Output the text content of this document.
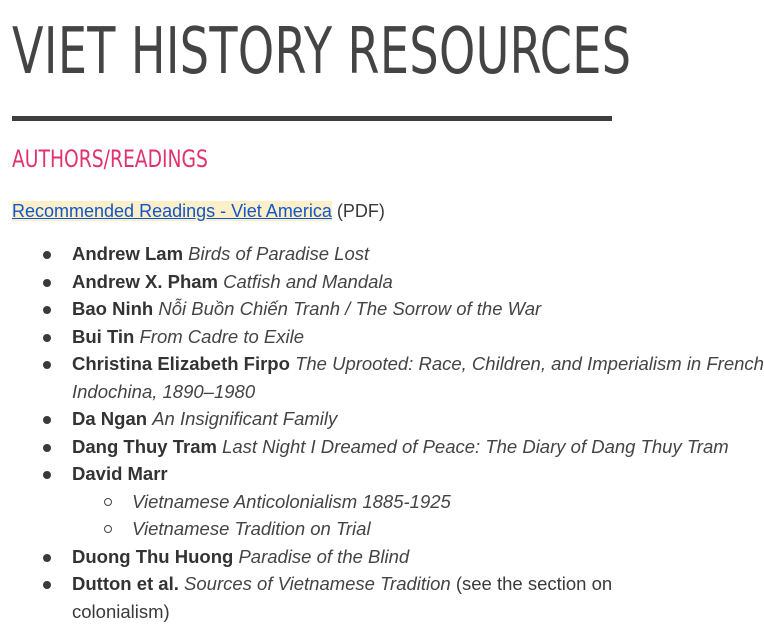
VIET HISTORY RESOURCES
AUTHORS/READINGS
Recommended Readings - Viet America (PDF)
Andrew Lam Birds of Paradise Lost
Andrew X. Pham Catfish and Mandala
Bao Ninh Nỗi Buồn Chiến Tranh / The Sorrow of the War
Bui Tin From Cadre to Exile
Christina Elizabeth Firpo The Uprooted: Race, Children, and Imperialism in French
Indochina, 1890–1980
Da Ngan An Insignificant Family
Dang Thuy Tram Last Night I Dreamed of Peace: The Diary of Dang Thuy Tram
David Marr
Vietnamese Anticolonialism 1885-1925
Vietnamese Tradition on Trial
Duong Thu Huong Paradise of the Blind
Dutton et al. Sources of Vietnamese Tradition (see the section on
colonialism)
